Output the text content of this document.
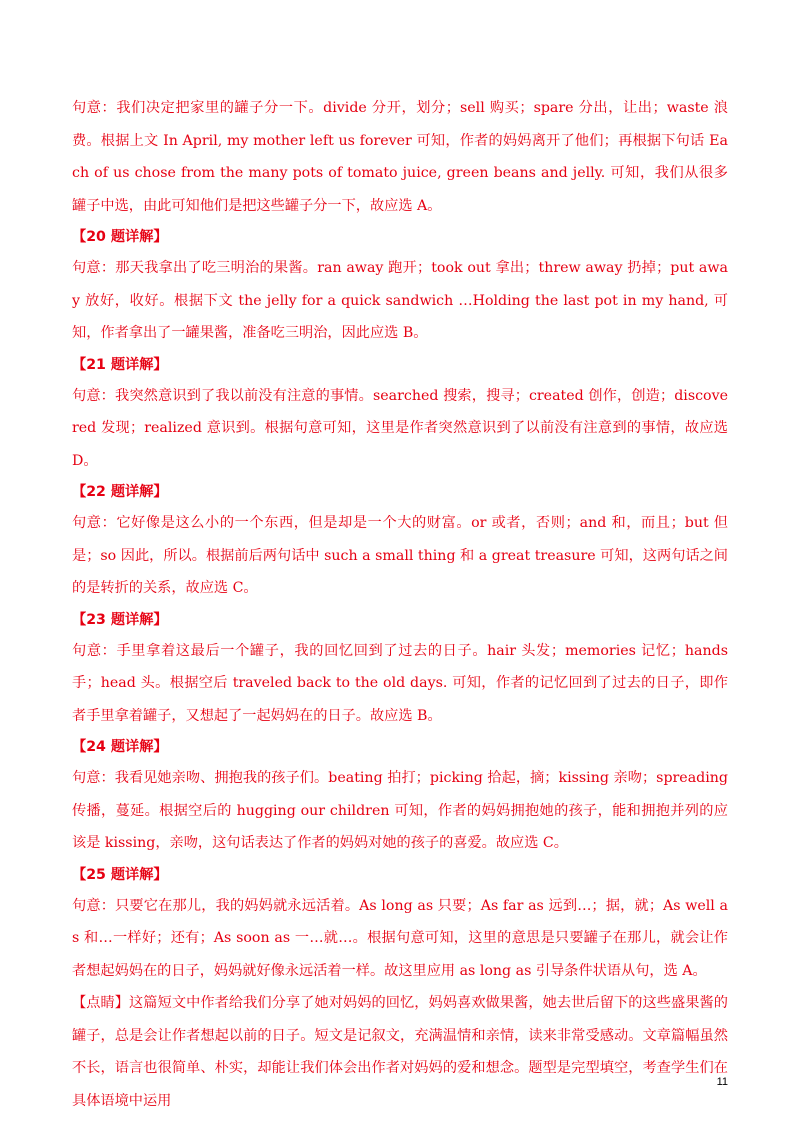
句意：我们决定把家里的罐子分一下。divide 分开，划分；sell 购买；spare 分出，让出；waste 浪费。根据上文 In April, my mother left us forever 可知，作者的妈妈离开了他们；再根据下句话 Each of us chose from the many pots of tomato juice, green beans and jelly. 可知，我们从很多罐子中选，由此可知他们是把这些罐子分一下，故应选 A。

【20 题详解】

句意：那天我拿出了吃三明治的果酱。ran away 跑开；took out 拿出；threw away 扔掉；put away 放好，收好。根据下文 the jelly for a quick sandwich …Holding the last pot in my hand, 可知，作者拿出了一罐果酱，准备吃三明治，因此应选 B。

【21 题详解】

句意：我突然意识到了我以前没有注意的事情。searched 搜索，搜寻；created 创作，创造；discovered 发现；realized 意识到。根据句意可知，这里是作者突然意识到了以前没有注意到的事情，故应选 D。

【22 题详解】

句意：它好像是这么小的一个东西，但是却是一个大的财富。or 或者，否则；and 和，而且；but 但是；so 因此，所以。根据前后两句话中 such a small thing 和 a great treasure 可知，这两句话之间的是转折的关系，故应选 C。

【23 题详解】

句意：手里拿着这最后一个罐子，我的回忆回到了过去的日子。hair 头发；memories 记忆；hands 手；head 头。根据空后 traveled back to the old days. 可知，作者的记忆回到了过去的日子，即作者手里拿着罐子，又想起了一起妈妈在的日子。故应选 B。

【24 题详解】

句意：我看见她亲吻、拥抱我的孩子们。beating 拍打；picking 拾起，摘；kissing 亲吻；spreading 传播，蔓延。根据空后的 hugging our children 可知，作者的妈妈拥抱她的孩子，能和拥抱并列的应该是 kissing，亲吻，这句话表达了作者的妈妈对她的孩子的喜爱。故应选 C。

【25 题详解】

句意：只要它在那儿，我的妈妈就永远活着。As long as 只要；As far as 远到…；据，就；As well as 和…一样好；还有；As soon as 一…就…。根据句意可知，这里的意思是只要罐子在那儿，就会让作者想起妈妈在的日子，妈妈就好像永远活着一样。故这里应用 as long as 引导条件状语从句，选 A。

【点睛】这篇短文中作者给我们分享了她对妈妈的回忆，妈妈喜欢做果酱，她去世后留下的这些盛果酱的罐子，总是会让作者想起以前的日子。短文是记叙文，充满温情和亲情，读来非常受感动。文章篇幅虽然不长，语言也很简单、朴实，却能让我们体会出作者对妈妈的爱和想念。题型是完型填空，考查学生们在具体语境中运用

11
